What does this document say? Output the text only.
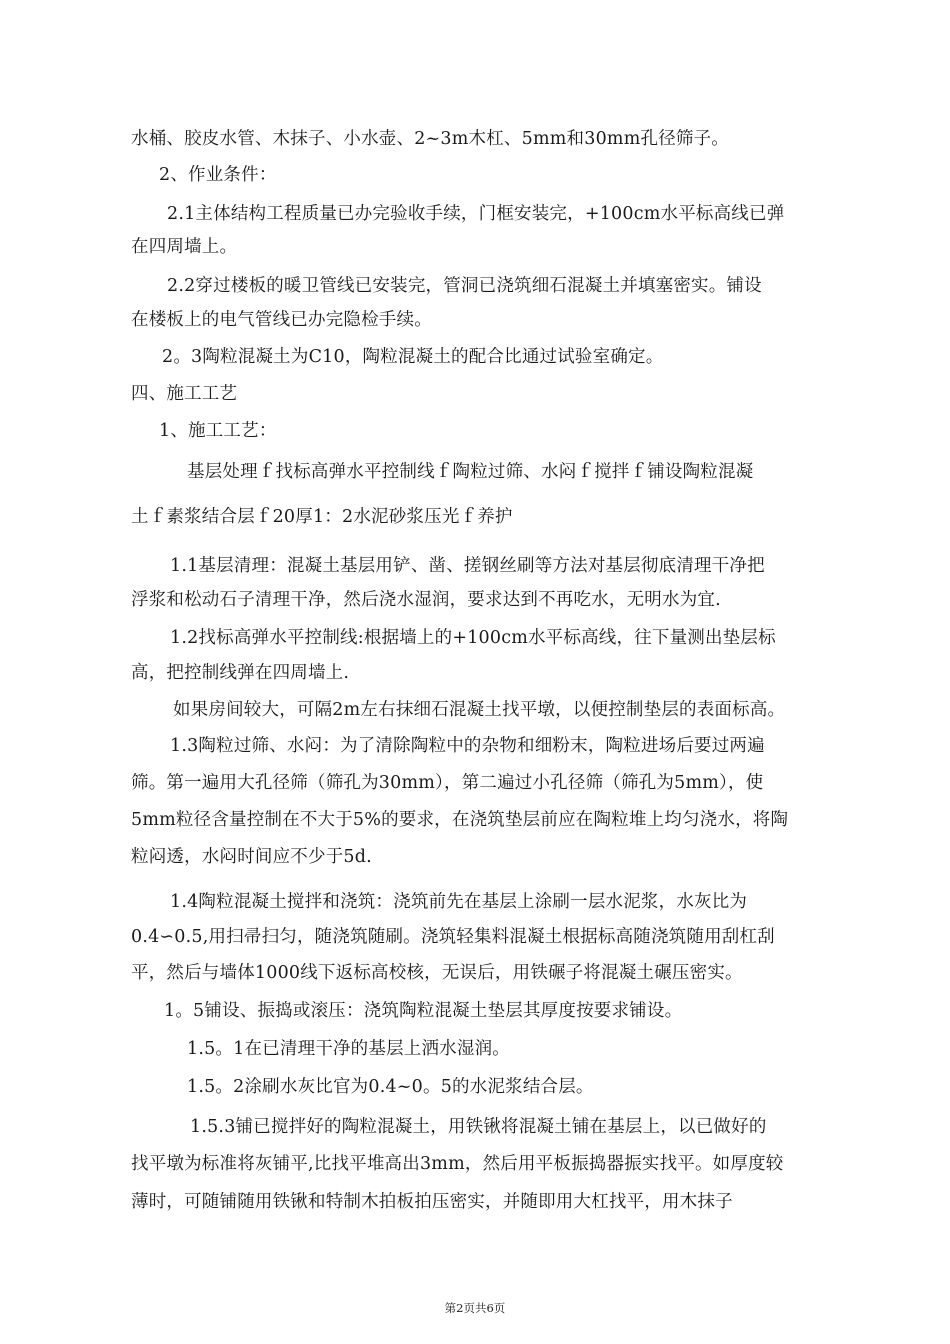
水桶、胶皮水管、木抹子、小水壶、2~3m木杠、5mm和30mm孔径筛子。
2、作业条件：
2.1主体结构工程质量已办完验收手续，门框安装完，+100cm水平标高线已弹
在四周墙上。
2.2穿过楼板的暖卫管线已安装完，管洞已浇筑细石混凝土并填塞密实。铺设
在楼板上的电气管线已办完隐检手续。
2。3陶粒混凝土为C10，陶粒混凝土的配合比通过试验室确定。
四、施工工艺
1、施工工艺：
基层处理ｆ找标高弹水平控制线ｆ陶粒过筛、水闷ｆ搅拌ｆ铺设陶粒混凝
土ｆ素浆结合层ｆ20厚1：2水泥砂浆压光ｆ养护
1.1基层清理：混凝土基层用铲、凿、搓钢丝刷等方法对基层彻底清理干净把
浮浆和松动石子清理干净，然后浇水湿润，要求达到不再吃水，无明水为宜.
1.2找标高弹水平控制线:根据墙上的+100cm水平标高线，往下量测出垫层标
高，把控制线弹在四周墙上.
如果房间较大，可隔2m左右抹细石混凝土找平墩，以便控制垫层的表面标高。
1.3陶粒过筛、水闷：为了清除陶粒中的杂物和细粉末，陶粒进场后要过两遍
筛。第一遍用大孔径筛（筛孔为30mm），第二遍过小孔径筛（筛孔为5mm），使
5mm粒径含量控制在不大于5%的要求，在浇筑垫层前应在陶粒堆上均匀浇水，将陶
粒闷透，水闷时间应不少于5d.
1.4陶粒混凝土搅拌和浇筑：浇筑前先在基层上涂刷一层水泥浆，水灰比为
0.4∽0.5,用扫帚扫匀，随浇筑随刷。浇筑轻集料混凝土根据标高随浇筑随用刮杠刮
平，然后与墙体1000线下返标高校核，无误后，用铁碾子将混凝土碾压密实。
1。5铺设、振捣或滚压：浇筑陶粒混凝土垫层其厚度按要求铺设。
1.5。1在已清理干净的基层上洒水湿润。
1.5。2涂刷水灰比官为0.4~0。5的水泥浆结合层。
1.5.3铺已搅拌好的陶粒混凝土，用铁锹将混凝土铺在基层上，以已做好的
找平墩为标准将灰铺平,比找平堆高出3mm，然后用平板振捣器振实找平。如厚度较
薄时，可随铺随用铁锹和特制木拍板拍压密实，并随即用大杠找平，用木抹子
第2页共6页
